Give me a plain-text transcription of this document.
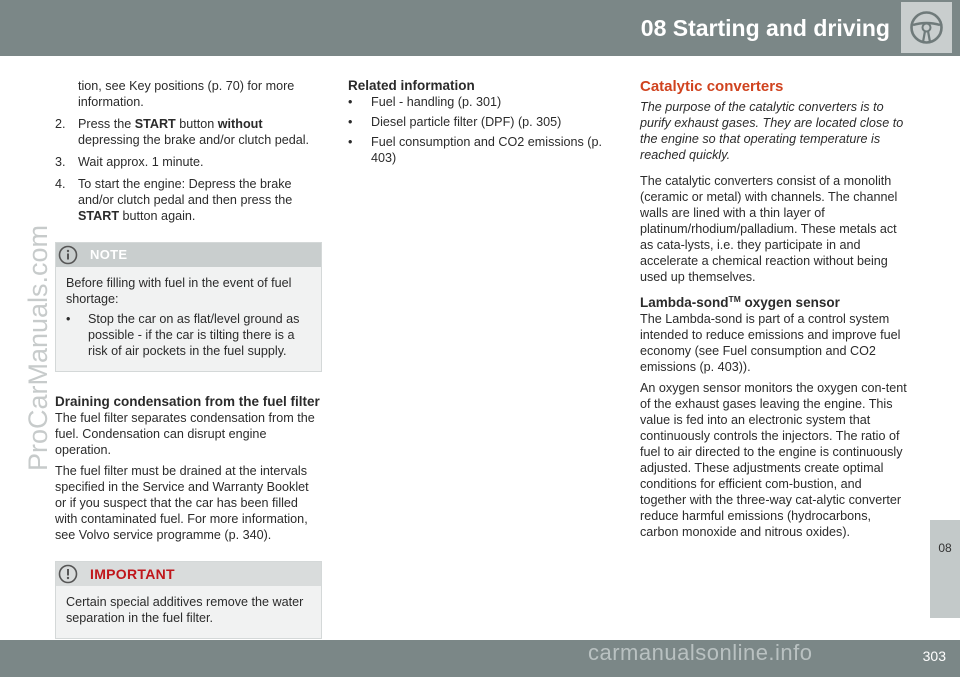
08 Starting and driving
ProCarManuals.com

tion, see Key positions (p. 70) for more information.

2. Press the START button without depressing the brake and/or clutch pedal.
3. Wait approx. 1 minute.
4. To start the engine: Depress the brake and/or clutch pedal and then press the START button again.
NOTE

Before filling with fuel in the event of fuel shortage:

• Stop the car on as flat/level ground as possible - if the car is tilting there is a risk of air pockets in the fuel supply.
Draining condensation from the fuel filter

The fuel filter separates condensation from the fuel. Condensation can disrupt engine operation.

The fuel filter must be drained at the intervals specified in the Service and Warranty Booklet or if you suspect that the car has been filled with contaminated fuel. For more information, see Volvo service programme (p. 340).

IMPORTANT

Certain special additives remove the water separation in the fuel filter.

Related information
• Fuel - handling (p. 301)
• Diesel particle filter (DPF) (p. 305)
• Fuel consumption and CO2 emissions (p. 403)
Catalytic converters

The purpose of the catalytic converters is to purify exhaust gases. They are located close to the engine so that operating temperature is reached quickly.

The catalytic converters consist of a monolith (ceramic or metal) with channels. The channel walls are lined with a thin layer of platinum/rhodium/palladium. These metals act as cata-lysts, i.e. they participate in and accelerate a chemical reaction without being used up themselves.

Lambda-sond™ oxygen sensor

The Lambda-sond is part of a control system intended to reduce emissions and improve fuel economy (see Fuel consumption and CO2 emissions (p. 403)).

An oxygen sensor monitors the oxygen con-tent of the exhaust gases leaving the engine. This value is fed into an electronic system that continuously controls the injectors. The ratio of fuel to air directed to the engine is continuously adjusted. These adjustments create optimal conditions for efficient com-bustion, and together with the three-way cat-alytic converter reduce harmful emissions (hydrocarbons, carbon monoxide and nitrous oxides).

08
303
carmanualsonline.info
